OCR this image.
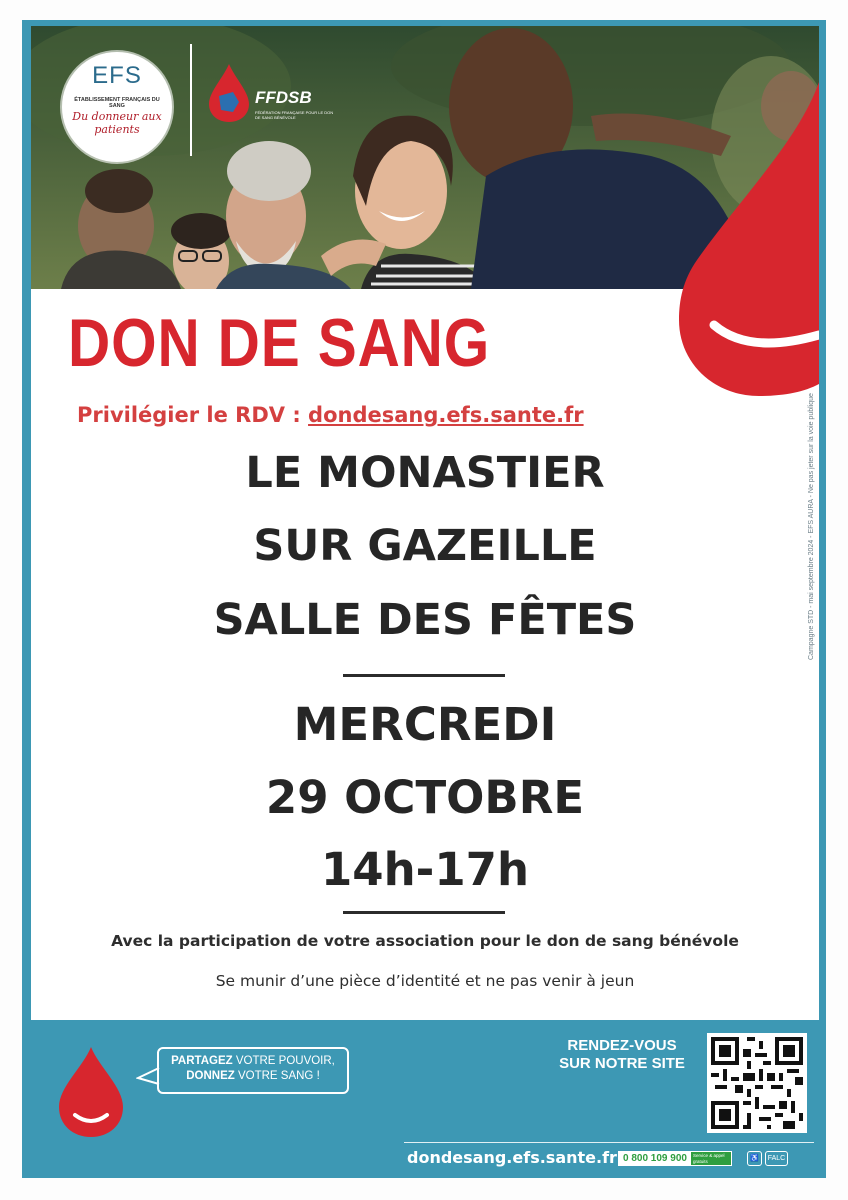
EFS
ÉTABLISSEMENT FRANÇAIS DU SANG
Du donneur aux patients
FFDSB
FÉDÉRATION FRANÇAISE POUR LE DON DE SANG BÉNÉVOLE
DON DE SANG
Privilégier le RDV : dondesang.efs.sante.fr
LE MONASTIER
SUR GAZEILLE
SALLE DES FÊTES
MERCREDI
29 OCTOBRE
14h-17h
Avec la participation de votre association pour le don de sang bénévole
Se munir d’une pièce d’identité et ne pas venir à jeun
Campagne STD - mai septembre 2024 - EFS AURA - Ne pas jeter sur la voie publique
PARTAGEZ VOTRE POUVOIR,
DONNEZ VOTRE SANG !
RENDEZ-VOUS
SUR NOTRE SITE
dondesang.efs.sante.fr 0 800 109 900	Service & appel gratuits	♿	FALC
